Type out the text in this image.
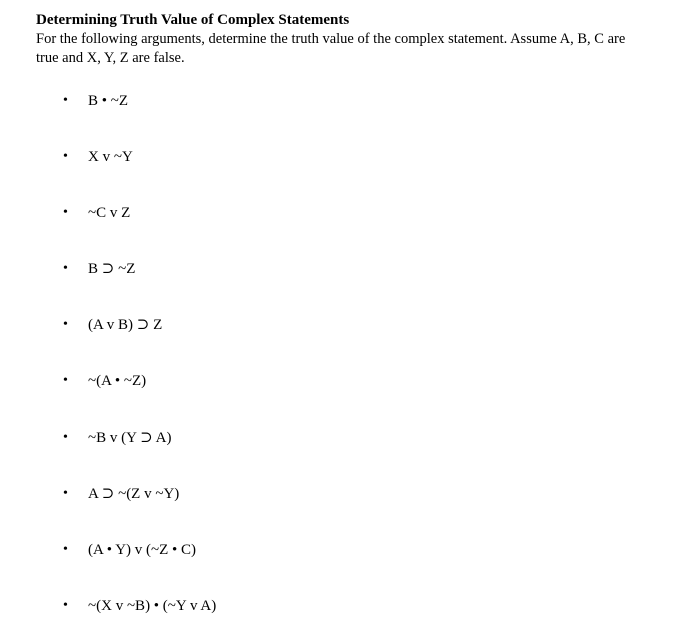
Determining Truth Value of Complex Statements

For the following arguments, determine the truth value of the complex statement. Assume A, B, C are true and X, Y, Z are false.

• B • ~Z
• X v ~Y
• ~C v Z
• B ⊃ ~Z
• (A v B) ⊃ Z
• ~(A • ~Z)
• ~B v (Y ⊃ A)
• A ⊃ ~(Z v ~Y)
• (A • Y) v (~Z • C)
• ~(X v ~B) • (~Y v A)
